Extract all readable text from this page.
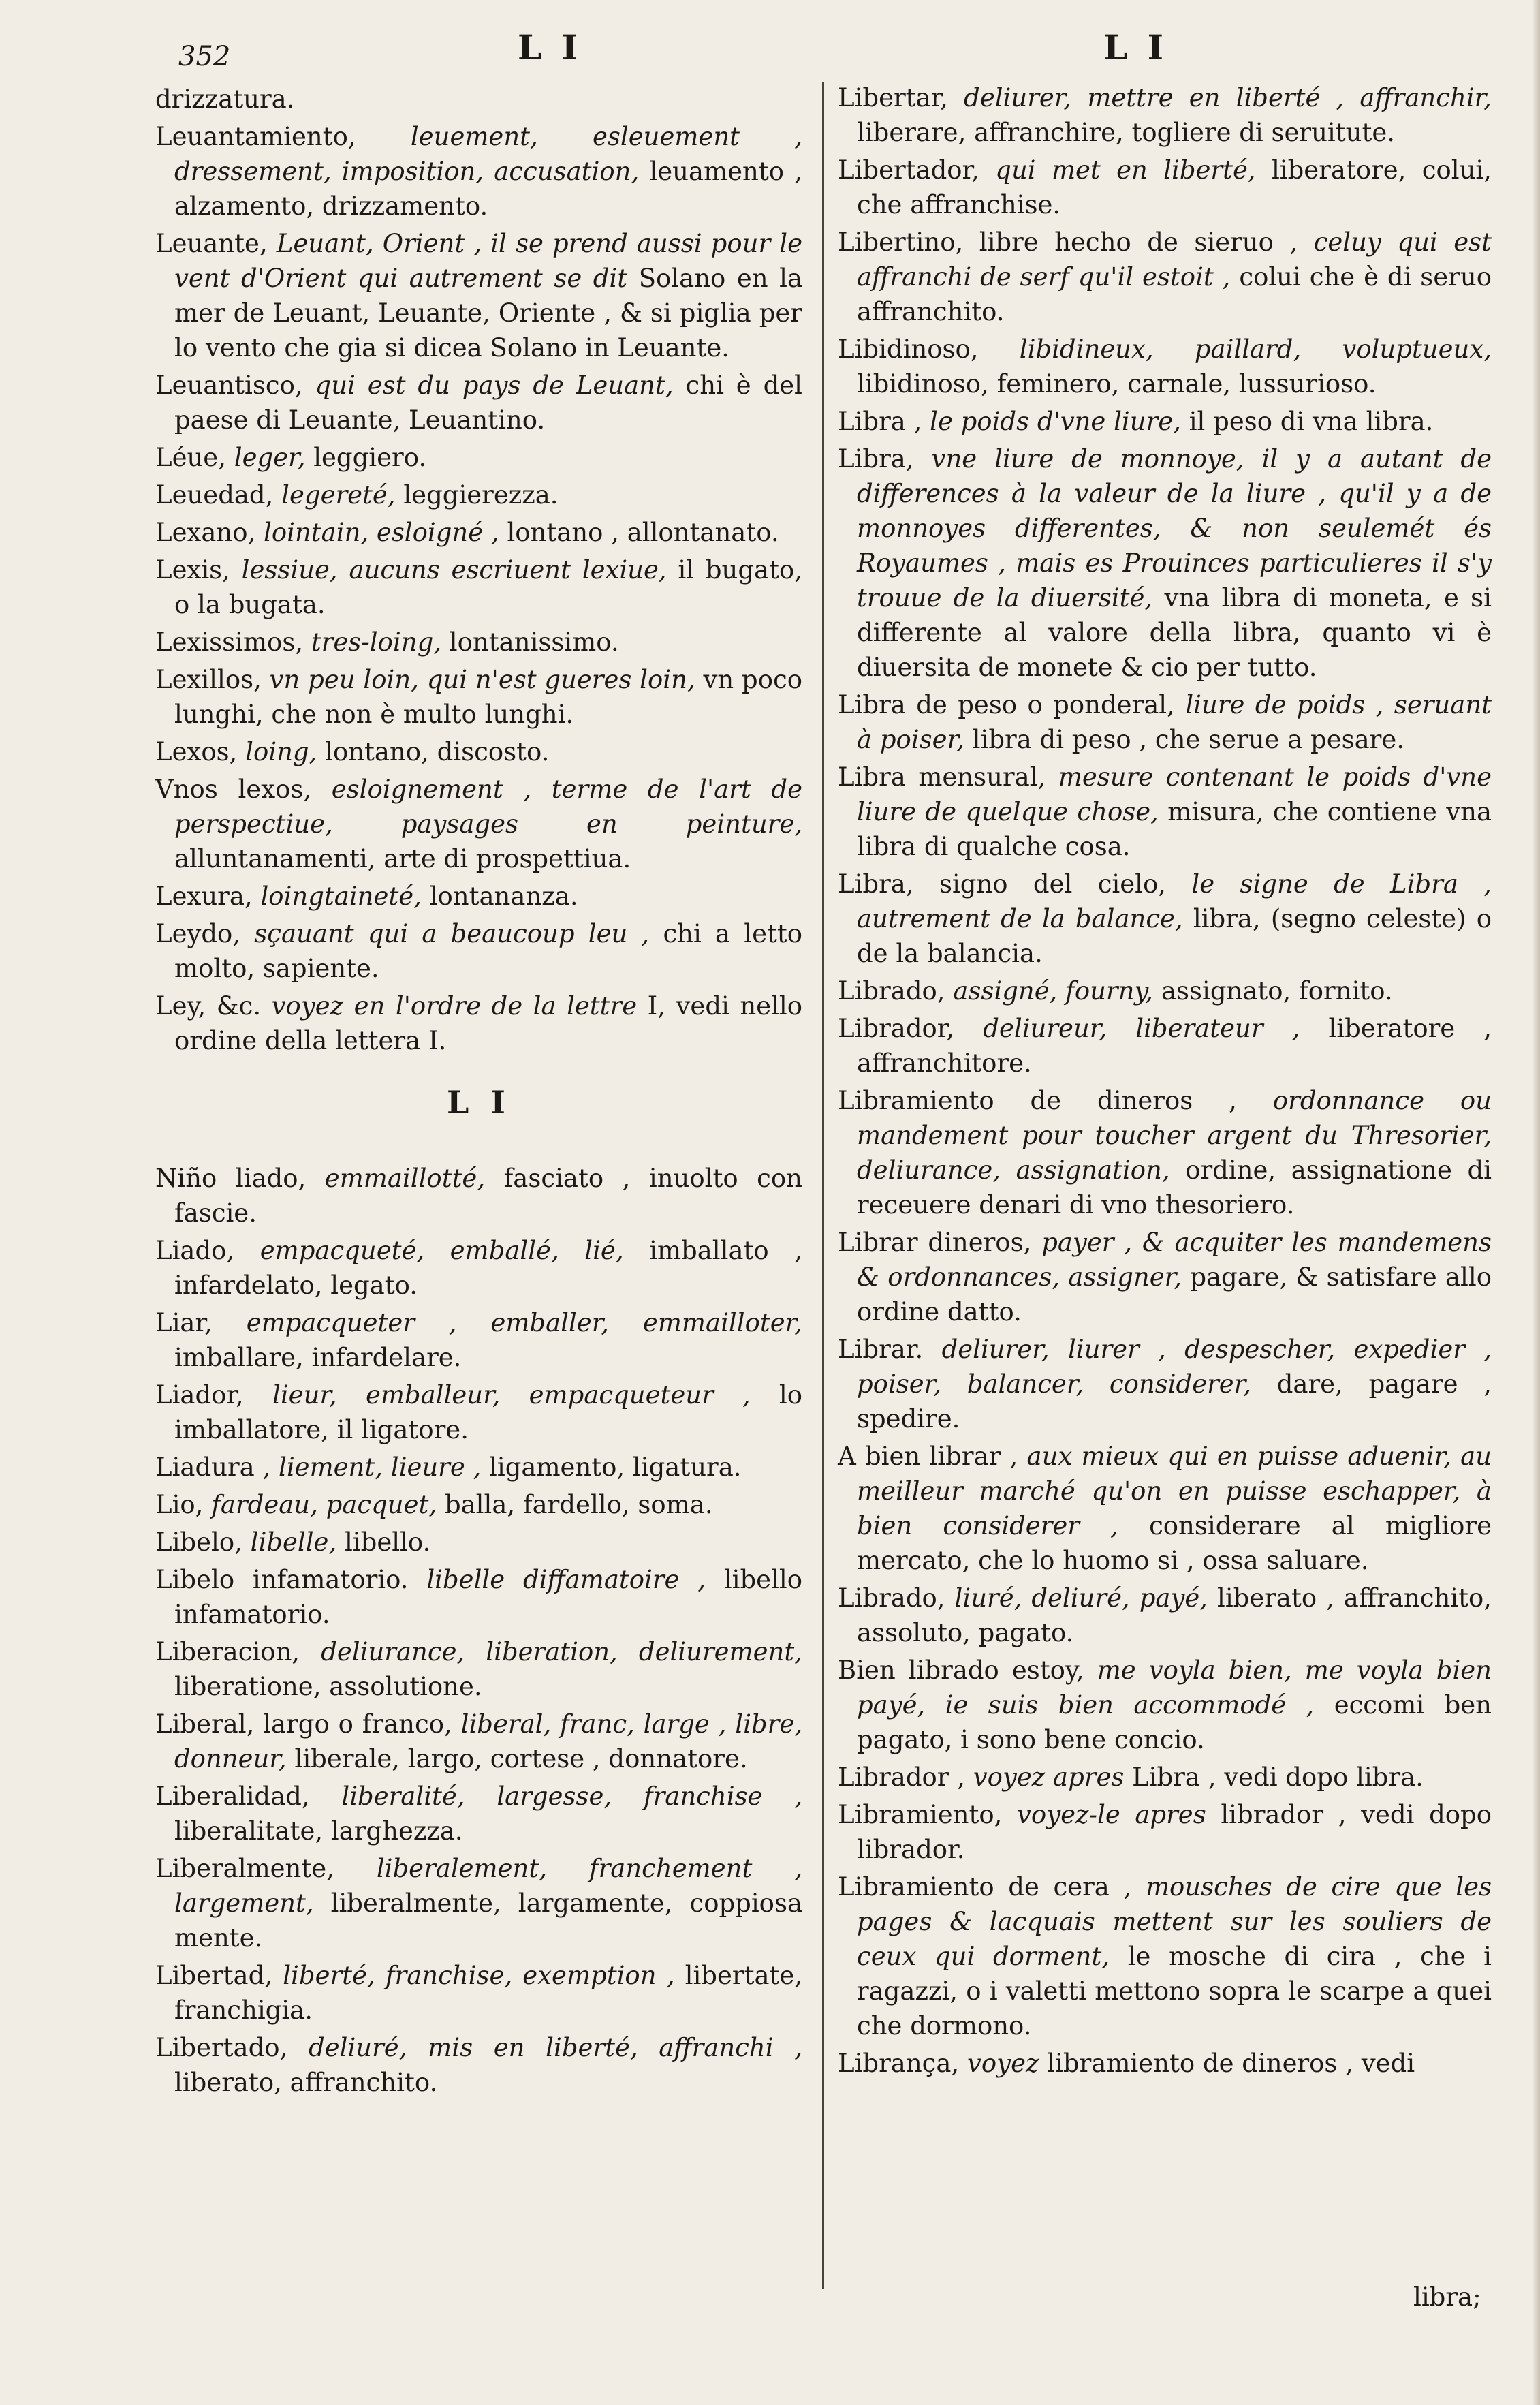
352	L I	L I

drizzatura.

Leuantamiento, leuement, esleuement , dressement, imposition, accusation, leuamento , alzamento, drizzamento.

Leuante, Leuant, Orient , il se prend aussi pour le vent d'Orient qui autrement se dit Solano en la mer de Leuant, Leuante, Oriente , & si piglia per lo vento che gia si dicea Solano in Leuante.

Leuantisco, qui est du pays de Leuant, chi è del paese di Leuante, Leuantino.

Léue, leger, leggiero.

Leuedad, legereté, leggierezza.

Lexano, lointain, esloigné , lontano , allontanato.

Lexis, lessiue, aucuns escriuent lexiue, il bugato, o la bugata.

Lexissimos, tres-loing, lontanissimo.

Lexillos, vn peu loin, qui n'est gueres loin, vn poco lunghi, che non è multo lunghi.

Lexos, loing, lontano, discosto.

Vnos lexos, esloignement , terme de l'art de perspectiue, paysages en peinture, alluntanamenti, arte di prospettiua.

Lexura, loingtaineté, lontananza.

Leydo, sçauant qui a beaucoup leu , chi a letto molto, sapiente.

Ley, &c. voyez en l'ordre de la lettre I, vedi nello ordine della lettera I.

L I

Niño liado, emmaillotté, fasciato , inuolto con fascie.

Liado, empacqueté, emballé, lié, imballato , infardelato, legato.

Liar, empacqueter , emballer, emmailloter, imballare, infardelare.

Liador, lieur, emballeur, empacqueteur , lo imballatore, il ligatore.

Liadura , liement, lieure , ligamento, ligatura.

Lio, fardeau, pacquet, balla, fardello, soma.

Libelo, libelle, libello.

Libelo infamatorio. libelle diffamatoire , libello infamatorio.

Liberacion, deliurance, liberation, deliurement, liberatione, assolutione.

Liberal, largo o franco, liberal, franc, large , libre, donneur, liberale, largo, cortese , donnatore.

Liberalidad, liberalité, largesse, franchise , liberalitate, larghezza.

Liberalmente, liberalement, franchement , largement, liberalmente, largamente, coppiosa mente.

Libertad, liberté, franchise, exemption , libertate, franchigia.

Libertado, deliuré, mis en liberté, affranchi , liberato, affranchito.

Libertar, deliurer, mettre en liberté , affranchir, liberare, affranchire, togliere di seruitute.

Libertador, qui met en liberté, liberatore, colui, che affranchise.

Libertino, libre hecho de sieruo , celuy qui est affranchi de serf qu'il estoit , colui che è di seruo affranchito.

Libidinoso, libidineux, paillard, voluptueux, libidinoso, feminero, carnale, lussurioso.

Libra , le poids d'vne liure, il peso di vna libra.

Libra, vne liure de monnoye, il y a autant de differences à la valeur de la liure , qu'il y a de monnoyes differentes, & non seulemét és Royaumes , mais es Prouinces particulieres il s'y trouue de la diuersité, vna libra di moneta, e si differente al valore della libra, quanto vi è diuersita de monete & cio per tutto.

Libra de peso o ponderal, liure de poids , seruant à poiser, libra di peso , che serue a pesare.

Libra mensural, mesure contenant le poids d'vne liure de quelque chose, misura, che contiene vna libra di qualche cosa.

Libra, signo del cielo, le signe de Libra , autrement de la balance, libra, (segno celeste) o de la balancia.

Librado, assigné, fourny, assignato, fornito.

Librador, deliureur, liberateur , liberatore , affranchitore.

Libramiento de dineros , ordonnance ou mandement pour toucher argent du Thresorier, deliurance, assignation, ordine, assignatione di receuere denari di vno thesoriero.

Librar dineros, payer , & acquiter les mandemens & ordonnances, assigner, pagare, & satisfare allo ordine datto.

Librar. deliurer, liurer , despescher, expedier , poiser, balancer, considerer, dare, pagare , spedire.

A bien librar , aux mieux qui en puisse aduenir, au meilleur marché qu'on en puisse eschapper, à bien considerer , considerare al migliore mercato, che lo huomo si , ossa saluare.

Librado, liuré, deliuré, payé, liberato , affranchito, assoluto, pagato.

Bien librado estoy, me voyla bien, me voyla bien payé, ie suis bien accommodé , eccomi ben pagato, i sono bene concio.

Librador , voyez apres Libra , vedi dopo libra.

Libramiento, voyez-le apres librador , vedi dopo librador.

Libramiento de cera , mousches de cire que les pages & lacquais mettent sur les souliers de ceux qui dorment, le mosche di cira , che i ragazzi, o i valetti mettono sopra le scarpe a quei che dormono.

Librança, voyez libramiento de dineros , vedi

libra;
